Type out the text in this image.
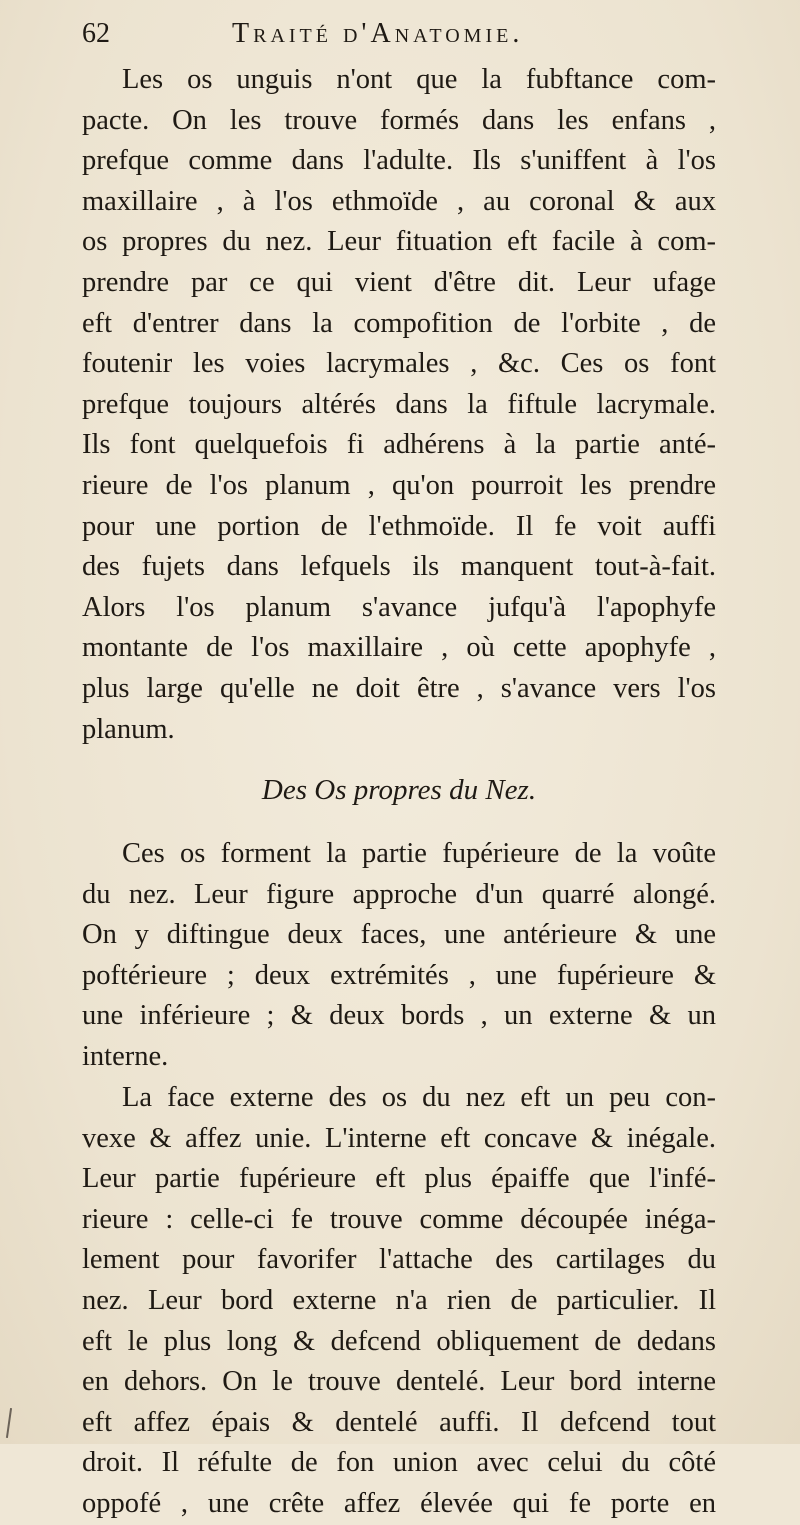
62	Traité d'Anatomie.
Les os unguis n'ont que la fubftance com-
pacte. On les trouve formés dans les enfans ,
prefque comme dans l'adulte. Ils s'uniffent à l'os
maxillaire , à l'os ethmoïde , au coronal & aux
os propres du nez. Leur fituation eft facile à com-
prendre par ce qui vient d'être dit. Leur ufage
eft d'entrer dans la compofition de l'orbite , de
foutenir les voies lacrymales , &c. Ces os font
prefque toujours altérés dans la fiftule lacrymale.
Ils font quelquefois fi adhérens à la partie anté-
rieure de l'os planum , qu'on pourroit les prendre
pour une portion de l'ethmoïde. Il fe voit auffi
des fujets dans lefquels ils manquent tout-à-fait.
Alors l'os planum s'avance jufqu'à l'apophyfe
montante de l'os maxillaire , où cette apophyfe ,
plus large qu'elle ne doit être , s'avance vers l'os
planum.
Des Os propres du Nez.
Ces os forment la partie fupérieure de la voûte
du nez. Leur figure approche d'un quarré alongé.
On y diftingue deux faces, une antérieure & une
poftérieure ; deux extrémités , une fupérieure &
une inférieure ; & deux bords , un externe & un
interne.
La face externe des os du nez eft un peu con-
vexe & affez unie. L'interne eft concave & inégale.
Leur partie fupérieure eft plus épaiffe que l'infé-
rieure : celle-ci fe trouve comme découpée inéga-
lement pour favorifer l'attache des cartilages du
nez. Leur bord externe n'a rien de particulier. Il
eft le plus long & defcend obliquement de dedans
en dehors. On le trouve dentelé. Leur bord interne
eft affez épais & dentelé auffi. Il defcend tout
droit. Il réfulte de fon union avec celui du côté
oppofé , une crête affez élevée qui fe porte en
